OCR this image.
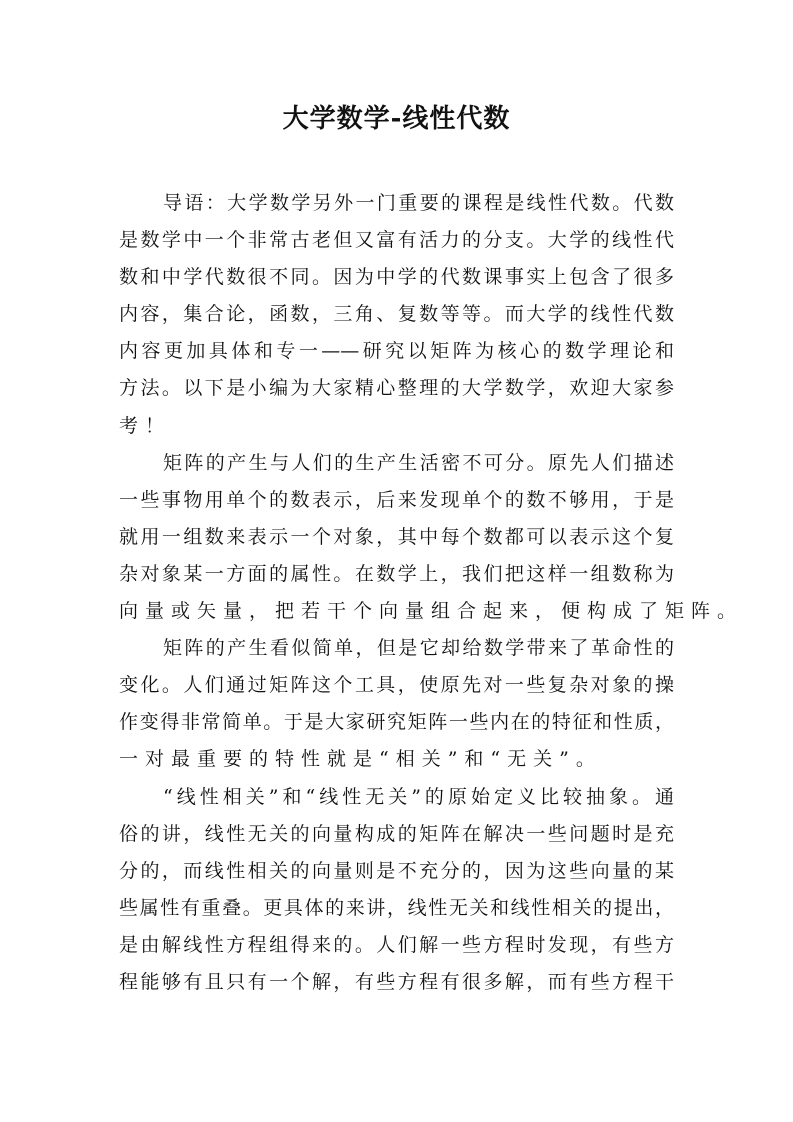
大学数学-线性代数
导语：大学数学另外一门重要的课程是线性代数。代数
是数学中一个非常古老但又富有活力的分支。大学的线性代
数和中学代数很不同。因为中学的代数课事实上包含了很多
内容，集合论，函数，三角、复数等等。而大学的线性代数
内容更加具体和专一——研究以矩阵为核心的数学理论和
方法。以下是小编为大家精心整理的大学数学，欢迎大家参
考！
矩阵的产生与人们的生产生活密不可分。原先人们描述
一些事物用单个的数表示，后来发现单个的数不够用，于是
就用一组数来表示一个对象，其中每个数都可以表示这个复
杂对象某一方面的属性。在数学上，我们把这样一组数称为
向量或矢量，把若干个向量组合起来，便构成了矩阵。
矩阵的产生看似简单，但是它却给数学带来了革命性的
变化。人们通过矩阵这个工具，使原先对一些复杂对象的操
作变得非常简单。于是大家研究矩阵一些内在的特征和性质，
一对最重要的特性就是“相关”和“无关”。
“线性相关”和“线性无关”的原始定义比较抽象。通
俗的讲，线性无关的向量构成的矩阵在解决一些问题时是充
分的，而线性相关的向量则是不充分的，因为这些向量的某
些属性有重叠。更具体的来讲，线性无关和线性相关的提出，
是由解线性方程组得来的。人们解一些方程时发现，有些方
程能够有且只有一个解，有些方程有很多解，而有些方程干
